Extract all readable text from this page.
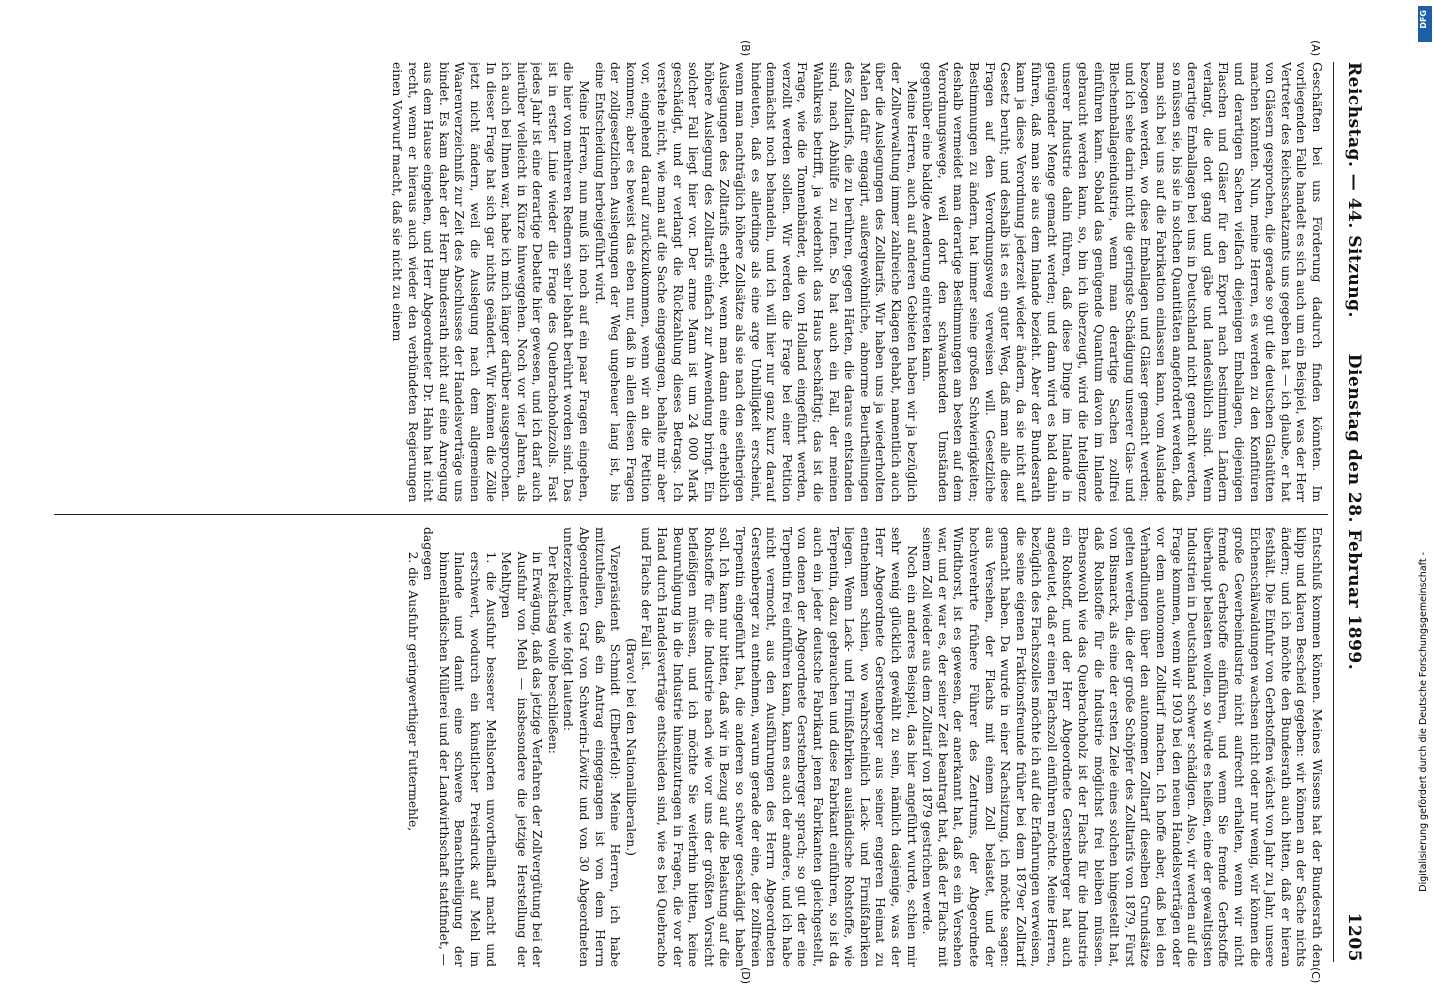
Reichstag. — 44. Sitzung.
Dienstag den 28. Februar 1899.
1205
(A)
(B)
(C)
(D)

Geschäften bei uns Förderung dadurch finden könnten. Im vorliegenden Falle handelt es sich auch um ein Beispiel, was der Herr Vertreter des Reichsschatzamts uns gegeben hat — ich glaube, er hat von Gläsern gesprochen, die gerade so gut die deutschen Glashütten machen könnten. Nun, meine Herren, es werden zu den Konfitüren und derartigen Sachen vielfach diejenigen Emballagen, diejenigen Flaschen und Gläser für den Export nach bestimmten Ländern verlangt, die dort gang und gäbe und landesüblich sind. Wenn derartige Emballagen bei uns in Deutschland nicht gemacht werden, so müssen sie, bis sie in solchen Quantitäten angefordert werden, daß man sich bei uns auf die Fabrikation einlassen kann, vom Auslande bezogen werden, wo diese Emballagen und Gläser gemacht werden; und ich sehe darin nicht die geringste Schädigung unserer Glas- und Blechemballageindustrie, wenn man derartige Sachen zollfrei einführen kann. Sobald das genügende Quantum davon im Inlande gebraucht werden kann, so, bin ich überzeugt, wird die Intelligenz unserer Industrie dahin führen, daß diese Dinge im Inlande in genügender Menge gemacht werden; und dann wird es bald dahin führen, daß man sie aus dem Inlande bezieht. Aber der Bundesrath kann ja diese Verordnung jederzeit wieder ändern, da sie nicht auf Gesetz beruht; und deshalb ist es ein guter Weg, daß man alle diese Fragen auf den Verordnungsweg verweisen will. Gesetzliche Bestimmungen zu ändern, hat immer seine großen Schwierigkeiten; deshalb vermeidet man derartige Bestimmungen am besten auf dem Verordnungswege, weil dort den schwankenden Umständen gegenüber eine baldige Aenderung eintreten kann.

Meine Herren, auch auf anderen Gebieten haben wir ja bezüglich der Zollverwaltung immer zahlreiche Klagen gehabt, namentlich auch über die Auslegungen des Zolltarifs. Wir haben uns ja wiederholten Malen dafür engagirt, außergewöhnliche, abnorme Beurtheilungen des Zolltarifs, die zu berühren, gegen Härten, die daraus entstanden sind, nach Abhülfe zu rufen. So hat auch ein Fall, der meinen Wahlkreis betrifft, ja wiederholt das Haus beschäftigt; das ist die Frage, wie die Tonnenbänder, die von Holland eingeführt werden, verzollt werden sollen. Wir werden die Frage bei einer Petition demnächst noch behandeln, und ich will hier nur ganz kurz darauf hindeuten, daß es allerdings als eine arge Unbilligkeit erscheint, wenn man nachträglich höhere Zollsätze als sie nach den seitherigen Auslegungen des Zolltarifs erhebt, wenn man dann eine erheblich höhere Auslegung des Zolltarifs einfach zur Anwendung bringt. Ein solcher Fall liegt hier vor. Der arme Mann ist um 24 000 Mark geschädigt, und er verlangt die Rückzahlung dieses Betrags. Ich verstehe nicht, wie man auf die Sache eingegangen, behalte mir aber vor, eingehend darauf zurückzukommen, wenn wir an die Petition kommen; aber es beweist das eben nur, daß in allen diesen Fragen der zollgesetzlichen Auslegungen der Weg ungeheuer lang ist, bis eine Entscheidung herbeigeführt wird.

Meine Herren, nun muß ich noch auf ein paar Fragen eingehen, die hier von mehreren Rednern sehr lebhaft berührt worden sind. Das ist in erster Linie wieder die Frage des Quebrachoholzzolls. Fast jedes Jahr ist eine derartige Debatte hier gewesen, und ich darf auch hierüber vielleicht in Kürze hinweggehen. Noch vor vier Jahren, als ich auch bei Ihnen war, habe ich mich länger darüber ausgesprochen. In dieser Frage hat sich gar nichts geändert. Wir können die Zölle jetzt nicht ändern, weil die Auslegung nach dem allgemeinen Waarenverzeichniß zur Zeit des Abschlusses der Handelsverträge uns bindet. Es kam daher der Herr Bundesrath nicht auf eine Anregung aus dem Hause eingehen, und Herr Abgeordneter Dr. Hahn hat nicht recht, wenn er hieraus auch wieder den verbündeten Regierungen einen Vorwurf macht, daß sie nicht zu einem

Entschluß kommen können. Meines Wissens hat der Bundesrath den klipp und klaren Bescheid gegeben: wir können an der Sache nichts ändern; und ich möchte den Bundesrath auch bitten, daß er hieran festhält. Die Einfuhr von Gerbstoffen wächst von Jahr zu Jahr, unsere Eichenschälwaldungen wachsen nicht oder nur wenig, wir können die große Gewerbeindustrie nicht aufrecht erhalten, wenn wir nicht fremde Gerbstoffe einführen, und wenn Sie fremde Gerbstoffe überhaupt belasten wollen, so würde es heißen, eine der gewaltigsten Industrien in Deutschland schwer schädigen. Also, wir werden auf die Frage kommen, wenn wir 1903 bei den neuen Handelsverträgen oder vor dem autonomen Zolltarif machen. Ich hoffe aber, daß bei den Verhandlungen über den autonomen Zolltarif dieselben Grundsätze gelten werden, die der große Schöpfer des Zolltarifs von 1879, Fürst von Bismarck, als eine der ersten Ziele eines solchen hingestellt hat, daß Rohstoffe für die Industrie möglichst frei bleiben müssen. Ebensowohl wie das Quebrachoholz ist der Flachs für die Industrie ein Rohstoff, und der Herr Abgeordnete Gerstenberger hat auch angedeutet, daß er einen Flachszoll einführen möchte. Meine Herren, bezüglich des Flachszolles möchte ich auf die Erfahrungen verweisen, die seine eigenen Fraktionsfreunde früher bei dem 1879er Zolltarif gemacht haben. Da wurde in einer Nachsitzung, ich möchte sagen: aus Versehen, der Flachs mit einem Zoll belastet, und der hochverehrte frühere Führer des Zentrums, der Abgeordnete Windthorst, ist es gewesen, der anerkannt hat, daß es ein Versehen war, und er war es, der seiner Zeit beantragt hat, daß der Flachs mit seinem Zoll wieder aus dem Zolltarif von 1879 gestrichen werde.

Noch ein anderes Beispiel, das hier angeführt wurde, schien mir sehr wenig glücklich gewählt zu sein, nämlich dasjenige, was der Herr Abgeordnete Gerstenberger aus seiner engeren Heimat zu entnehmen schien, wo wahrscheinlich Lack- und Firnißfabriken liegen. Wenn Lack- und Firnißfabriken ausländische Rohstoffe, wie Terpentin, dazu gebrauchen und diese Fabrikant einführen, so ist da auch ein jeder deutsche Fabrikant jenen Fabrikanten gleichgestellt, von denen der Abgeordnete Gerstenberger sprach; so gut der eine Terpentin frei einführen kann, kann es auch der andere, und ich habe nicht vermocht, aus den Ausführungen des Herrn Abgeordneten Gerstenberger zu entnehmen, warum gerade der eine, der zollfreien Terpentin eingeführt hat, die anderen so schwer geschädigt haben soll. Ich kann nur bitten, daß wir in Bezug auf die Belastung auf die Rohstoffe für die Industrie nach wie vor uns der größten Vorsicht befleißigen müssen, und ich möchte Sie weiterhin bitten, keine Beunruhigung in die Industrie hineinzutragen in Fragen, die vor der Hand durch Handelsverträge entschieden sind, wie es bei Quebracho und Flachs der Fall ist.

(Bravo! bei den Nationalliberalen.)

Vizepräsident Schmidt (Elberfeld): Meine Herren, ich habe mitzutheilen, daß ein Antrag eingegangen ist von dem Herrn Abgeordneten Graf von Schwerin-Löwitz und von 30 Abgeordneten unterzeichnet, wie folgt lautend:

Der Reichstag wolle beschließen:

in Erwägung, daß das jetzige Verfahren der Zollvergütung bei der Ausfuhr von Mehl — insbesondere die jetzige Herstellung der Mehltypen

1. die Ausfuhr besserer Mehlsorten unvortheilhaft macht und erschwert, wodurch ein künstlicher Preisdruck auf Mehl im Inlande und damit eine schwere Benachtheiligung der binnenländischen Müllerei und der Landwirthschaft stattfindet, —

dagegen

2. die Ausfuhr geringwerthiger Futtermehle,	Digitalisierung gefördert durch die Deutsche Forschungsgemeinschaft -
DFG
